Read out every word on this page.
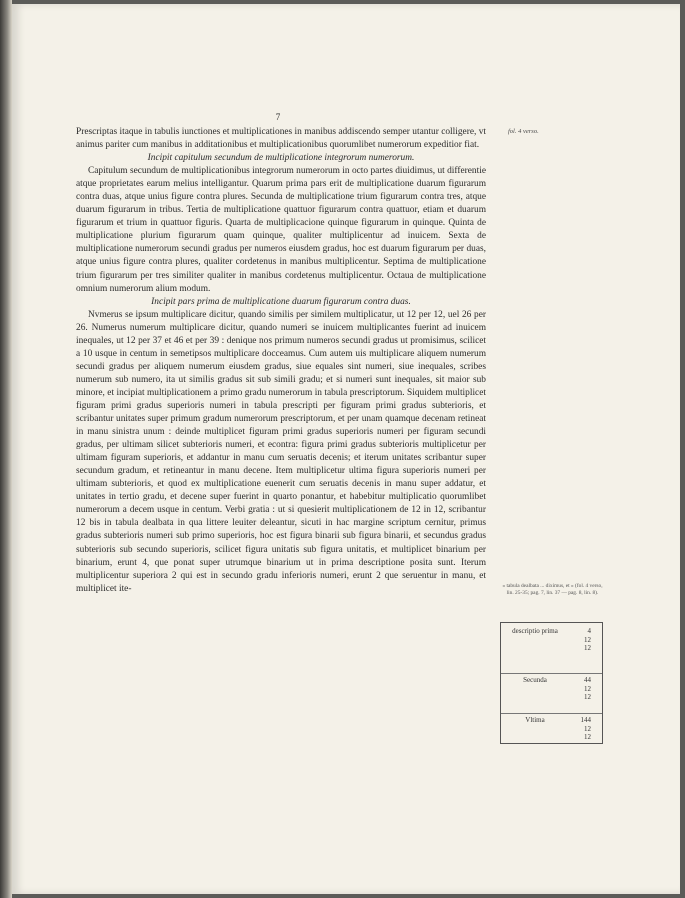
7
fol. 4 verso.

Prescriptas itaque in tabulis iunctiones et multiplicationes in manibus addiscendo semper utantur colligere, vt animus pariter cum manibus in additationibus et multiplicationibus quorumlibet numerorum expeditior fiat.

Incipit capitulum secundum de multiplicatione integrorum numerorum.

Capitulum secundum de multiplicationibus integrorum numerorum in octo partes diuidimus, ut differentie atque proprietates earum melius intelligantur. Quarum prima pars erit de multiplicatione duarum figurarum contra duas, atque unius figure contra plures. Secunda de multiplicatione trium figurarum contra tres, atque duarum figurarum in tribus. Tertia de multiplicatione quattuor figurarum contra quattuor, etiam et duarum figurarum et trium in quattuor figuris. Quarta de multiplicacione quinque figurarum in quinque. Quinta de multiplicatione plurium figurarum quam quinque, qualiter multiplicentur ad inuicem. Sexta de multiplicatione numerorum secundi gradus per numeros eiusdem gradus, hoc est duarum figurarum per duas, atque unius figure contra plures, qualiter cordetenus in manibus multiplicentur. Septima de multiplicatione trium figurarum per tres similiter qualiter in manibus cordetenus multiplicentur. Octaua de multiplicatione omnium numerorum alium modum.

Incipit pars prima de multiplicatione duarum figurarum contra duas.

Nvmerus se ipsum multiplicare dicitur, quando similis per similem multiplicatur, ut 12 per 12, uel 26 per 26. Numerus numerum multiplicare dicitur, quando numeri se inuicem multiplicantes fuerint ad inuicem inequales, ut 12 per 37 et 46 et per 39 : denique nos primum numeros secundi gradus ut promisimus, scilicet a 10 usque in centum in semetipsos multiplicare docceamus. Cum autem uis multiplicare aliquem numerum secundi gradus per aliquem numerum eiusdem gradus, siue equales sint numeri, siue inequales, scribes numerum sub numero, ita ut similis gradus sit sub simili gradu; et si numeri sunt inequales, sit maior sub minore, et incipiat multiplicationem a primo gradu numerorum in tabula prescriptorum. Siquidem multiplicet figuram primi gradus superioris numeri in tabula prescripti per figuram primi gradus subterioris, et scribantur unitates super primum gradum numerorum prescriptorum, et per unam quamque decenam retineat in manu sinistra unum : deinde multiplicet figuram primi gradus superioris numeri per figuram secundi gradus, per ultimam silicet subterioris numeri, et econtra: figura primi gradus subterioris multiplicetur per ultimam figuram superioris, et addantur in manu cum seruatis decenis; et iterum unitates scribantur super secundum gradum, et retineantur in manu decene. Item multiplicetur ultima figura superioris numeri per ultimam subterioris, et quod ex multiplicatione euenerit cum seruatis decenis in manu super addatur, et unitates in tertio gradu, et decene super fuerint in quarto ponantur, et habebitur multiplicatio quorumlibet numerorum a decem usque in centum. Verbi gratia : ut si quesierit multiplicationem de 12 in 12, scribantur 12 bis in tabula dealbata in qua littere leuiter deleantur, sicuti in hac margine scriptum cernitur, primus gradus subterioris numeri sub primo superioris, hoc est figura binarii sub figura binarii, et secundus gradus subterioris sub secundo superioris, scilicet figura unitatis sub figura unitatis, et multiplicet binarium per binarium, erunt 4, que ponat super utrumque binarium ut in prima descriptione posita sunt. Iterum multiplicentur superiora 2 qui est in secundo gradu inferioris numeri, erunt 2 que seruentur in manu, et multiplicet ite-	« tabula dealbata ... diximus, et » (fol. 4 verso, lin. 25-35; pag. 7, lin. 37 — pag. 8, lin. 8).
descriptio prima	4
12
12
Secunda	44
12
12
Vltima	144
12
12
